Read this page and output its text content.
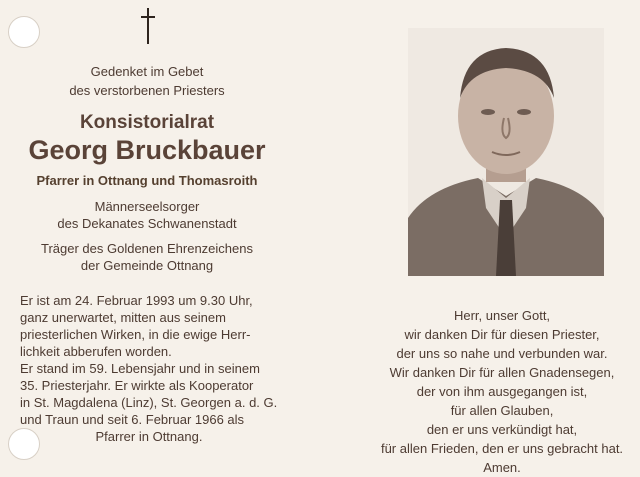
Gedenket im Gebet
des verstorbenen Priesters
Konsistorialrat
Georg Bruckbauer
Pfarrer in Ottnang und Thomasroith
Männerseelsorger
des Dekanates Schwanenstadt
Träger des Goldenen Ehrenzeichens
der Gemeinde Ottnang
Er ist am 24. Februar 1993 um 9.30 Uhr,
ganz unerwartet, mitten aus seinem
priesterlichen Wirken, in die ewige Herr-
lichkeit abberufen worden.
Er stand im 59. Lebensjahr und in seinem
35. Priesterjahr. Er wirkte als Kooperator
in St. Magdalena (Linz), St. Georgen a. d. G.
und Traun und seit 6. Februar 1966 als
Pfarrer in Ottnang.
Herr, unser Gott,
wir danken Dir für diesen Priester,
der uns so nahe und verbunden war.
Wir danken Dir für allen Gnadensegen,
der von ihm ausgegangen ist,
für allen Glauben,
den er uns verkündigt hat,
für allen Frieden, den er uns gebracht hat.
Amen.
